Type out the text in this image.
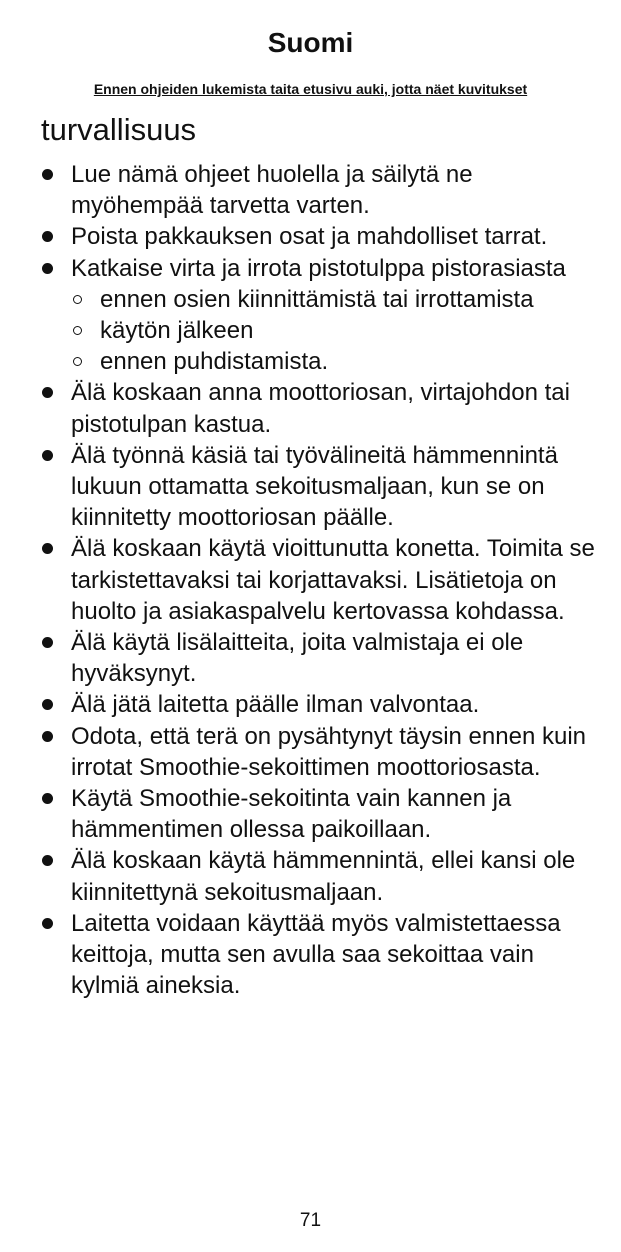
Suomi
Ennen ohjeiden lukemista taita etusivu auki, jotta näet kuvitukset
turvallisuus
Lue nämä ohjeet huolella ja säilytä ne myöhempää tarvetta varten.
Poista pakkauksen osat ja mahdolliset tarrat.
Katkaise virta ja irrota pistotulppa pistorasiasta
ennen osien kiinnittämistä tai irrottamista
käytön jälkeen
ennen puhdistamista.
Älä koskaan anna moottoriosan, virtajohdon tai pistotulpan kastua.
Älä työnnä käsiä tai työvälineitä hämmennintä lukuun ottamatta sekoitusmaljaan, kun se on kiinnitetty moottoriosan päälle.
Älä koskaan käytä vioittunutta konetta. Toimita se tarkistettavaksi tai korjattavaksi. Lisätietoja on huolto ja asiakaspalvelu kertovassa kohdassa.
Älä käytä lisälaitteita, joita valmistaja ei ole hyväksynyt.
Älä jätä laitetta päälle ilman valvontaa.
Odota, että terä on pysähtynyt täysin ennen kuin irrotat Smoothie-sekoittimen moottoriosasta.
Käytä Smoothie-sekoitinta vain kannen ja hämmentimen ollessa paikoillaan.
Älä koskaan käytä hämmennintä, ellei kansi ole kiinnitettynä sekoitusmaljaan.
Laitetta voidaan käyttää myös valmistettaessa keittoja, mutta sen avulla saa sekoittaa vain kylmiä aineksia.
71
